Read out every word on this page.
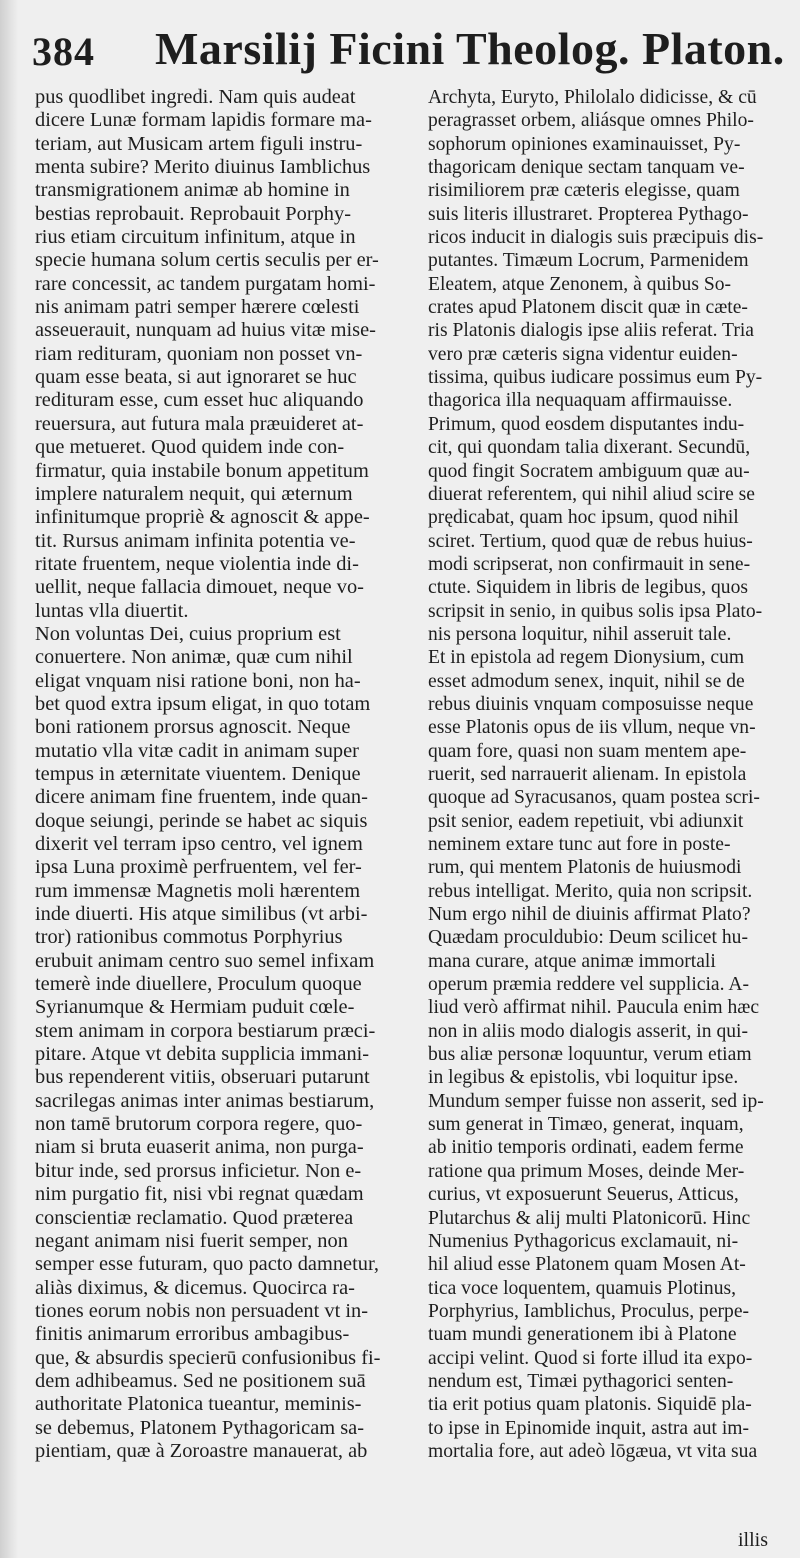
384 Marsilij Ficini Theolog. Platon.
pus quodlibet ingredi. Nam quis audeat
dicere Lunæ formam lapidis formare ma-
teriam, aut Musicam artem figuli instru-
menta subire? Merito diuinus Iamblichus
transmigrationem animæ ab homine in
bestias reprobauit. Reprobauit Porphy-
rius etiam circuitum infinitum, atque in
specie humana solum certis seculis per er-
rare concessit, ac tandem purgatam homi-
nis animam patri semper hærere cœlesti
asseuerauit, nunquam ad huius vitæ mise-
riam redituram, quoniam non posset vn-
quam esse beata, si aut ignoraret se huc
redituram esse, cum esset huc aliquando
reuersura, aut futura mala præuideret at-
que metueret. Quod quidem inde con-
firmatur, quia instabile bonum appetitum
implere naturalem nequit, qui æternum
infinitumque propriè & agnoscit & appe-
tit. Rursus animam infinita potentia ve-
ritate fruentem, neque violentia inde di-
uellit, neque fallacia dimouet, neque vo-
luntas vlla diuertit.
Non voluntas Dei, cuius proprium est
conuertere. Non animæ, quæ cum nihil
eligat vnquam nisi ratione boni, non ha-
bet quod extra ipsum eligat, in quo totam
boni rationem prorsus agnoscit. Neque
mutatio vlla vitæ cadit in animam super
tempus in æternitate viuentem. Denique
dicere animam fine fruentem, inde quan-
doque seiungi, perinde se habet ac siquis
dixerit vel terram ipso centro, vel ignem
ipsa Luna proximè perfruentem, vel fer-
rum immensæ Magnetis moli hærentem
inde diuerti. His atque similibus (vt arbi-
tror) rationibus commotus Porphyrius
erubuit animam centro suo semel infixam
temerè inde diuellere, Proculum quoque
Syrianumque & Hermiam puduit cœle-
stem animam in corpora bestiarum præci-
pitare. Atque vt debita supplicia immani-
bus rependerent vitiis, obseruari putarunt
sacrilegas animas inter animas bestiarum,
non tamē brutorum corpora regere, quo-
niam si bruta euaserit anima, non purga-
bitur inde, sed prorsus inficietur. Non e-
nim purgatio fit, nisi vbi regnat quædam
conscientiæ reclamatio. Quod præterea
negant animam nisi fuerit semper, non
semper esse futuram, quo pacto damnetur,
aliàs diximus, & dicemus. Quocirca ra-
tiones eorum nobis non persuadent vt in-
finitis animarum erroribus ambagibus-
que, & absurdis specierū confusionibus fi-
dem adhibeamus. Sed ne positionem suā
authoritate Platonica tueantur, meminis-
se debemus, Platonem Pythagoricam sa-
pientiam, quæ à Zoroastre manauerat, ab
Archyta, Euryto, Philolalo didicisse, & cū
peragrasset orbem, aliásque omnes Philo-
sophorum opiniones examinauisset, Py-
thagoricam denique sectam tanquam ve-
risimiliorem præ cæteris elegisse, quam
suis literis illustraret. Propterea Pythago-
ricos inducit in dialogis suis præcipuis dis-
putantes. Timæum Locrum, Parmenidem
Eleatem, atque Zenonem, à quibus So-
crates apud Platonem discit quæ in cæte-
ris Platonis dialogis ipse aliis referat. Tria
vero præ cæteris signa videntur euiden-
tissima, quibus iudicare possimus eum Py-
thagorica illa nequaquam affirmauisse.
Primum, quod eosdem disputantes indu-
cit, qui quondam talia dixerant. Secundū,
quod fingit Socratem ambiguum quæ au-
diuerat referentem, qui nihil aliud scire se
prędicabat, quam hoc ipsum, quod nihil
sciret. Tertium, quod quæ de rebus huius-
modi scripserat, non confirmauit in sene-
ctute. Siquidem in libris de legibus, quos
scripsit in senio, in quibus solis ipsa Plato-
nis persona loquitur, nihil asseruit tale.
Et in epistola ad regem Dionysium, cum
esset admodum senex, inquit, nihil se de
rebus diuinis vnquam composuisse neque
esse Platonis opus de iis vllum, neque vn-
quam fore, quasi non suam mentem ape-
ruerit, sed narrauerit alienam. In epistola
quoque ad Syracusanos, quam postea scri-
psit senior, eadem repetiuit, vbi adiunxit
neminem extare tunc aut fore in poste-
rum, qui mentem Platonis de huiusmodi
rebus intelligat. Merito, quia non scripsit.
Num ergo nihil de diuinis affirmat Plato?
Quædam proculdubio: Deum scilicet hu-
mana curare, atque animæ immortali
operum præmia reddere vel supplicia. A-
liud verò affirmat nihil. Paucula enim hæc
non in aliis modo dialogis asserit, in qui-
bus aliæ personæ loquuntur, verum etiam
in legibus & epistolis, vbi loquitur ipse.
Mundum semper fuisse non asserit, sed ip-
sum generat in Timæo, generat, inquam,
ab initio temporis ordinati, eadem ferme
ratione qua primum Moses, deinde Mer-
curius, vt exposuerunt Seuerus, Atticus,
Plutarchus & alij multi Platonicorū. Hinc
Numenius Pythagoricus exclamauit, ni-
hil aliud esse Platonem quam Mosen At-
tica voce loquentem, quamuis Plotinus,
Porphyrius, Iamblichus, Proculus, perpe-
tuam mundi generationem ibi à Platone
accipi velint. Quod si forte illud ita expo-
nendum est, Timæi pythagorici senten-
tia erit potius quam platonis. Siquidē pla-
to ipse in Epinomide inquit, astra aut im-
mortalia fore, aut adeò lōgæua, vt vita sua
illis
